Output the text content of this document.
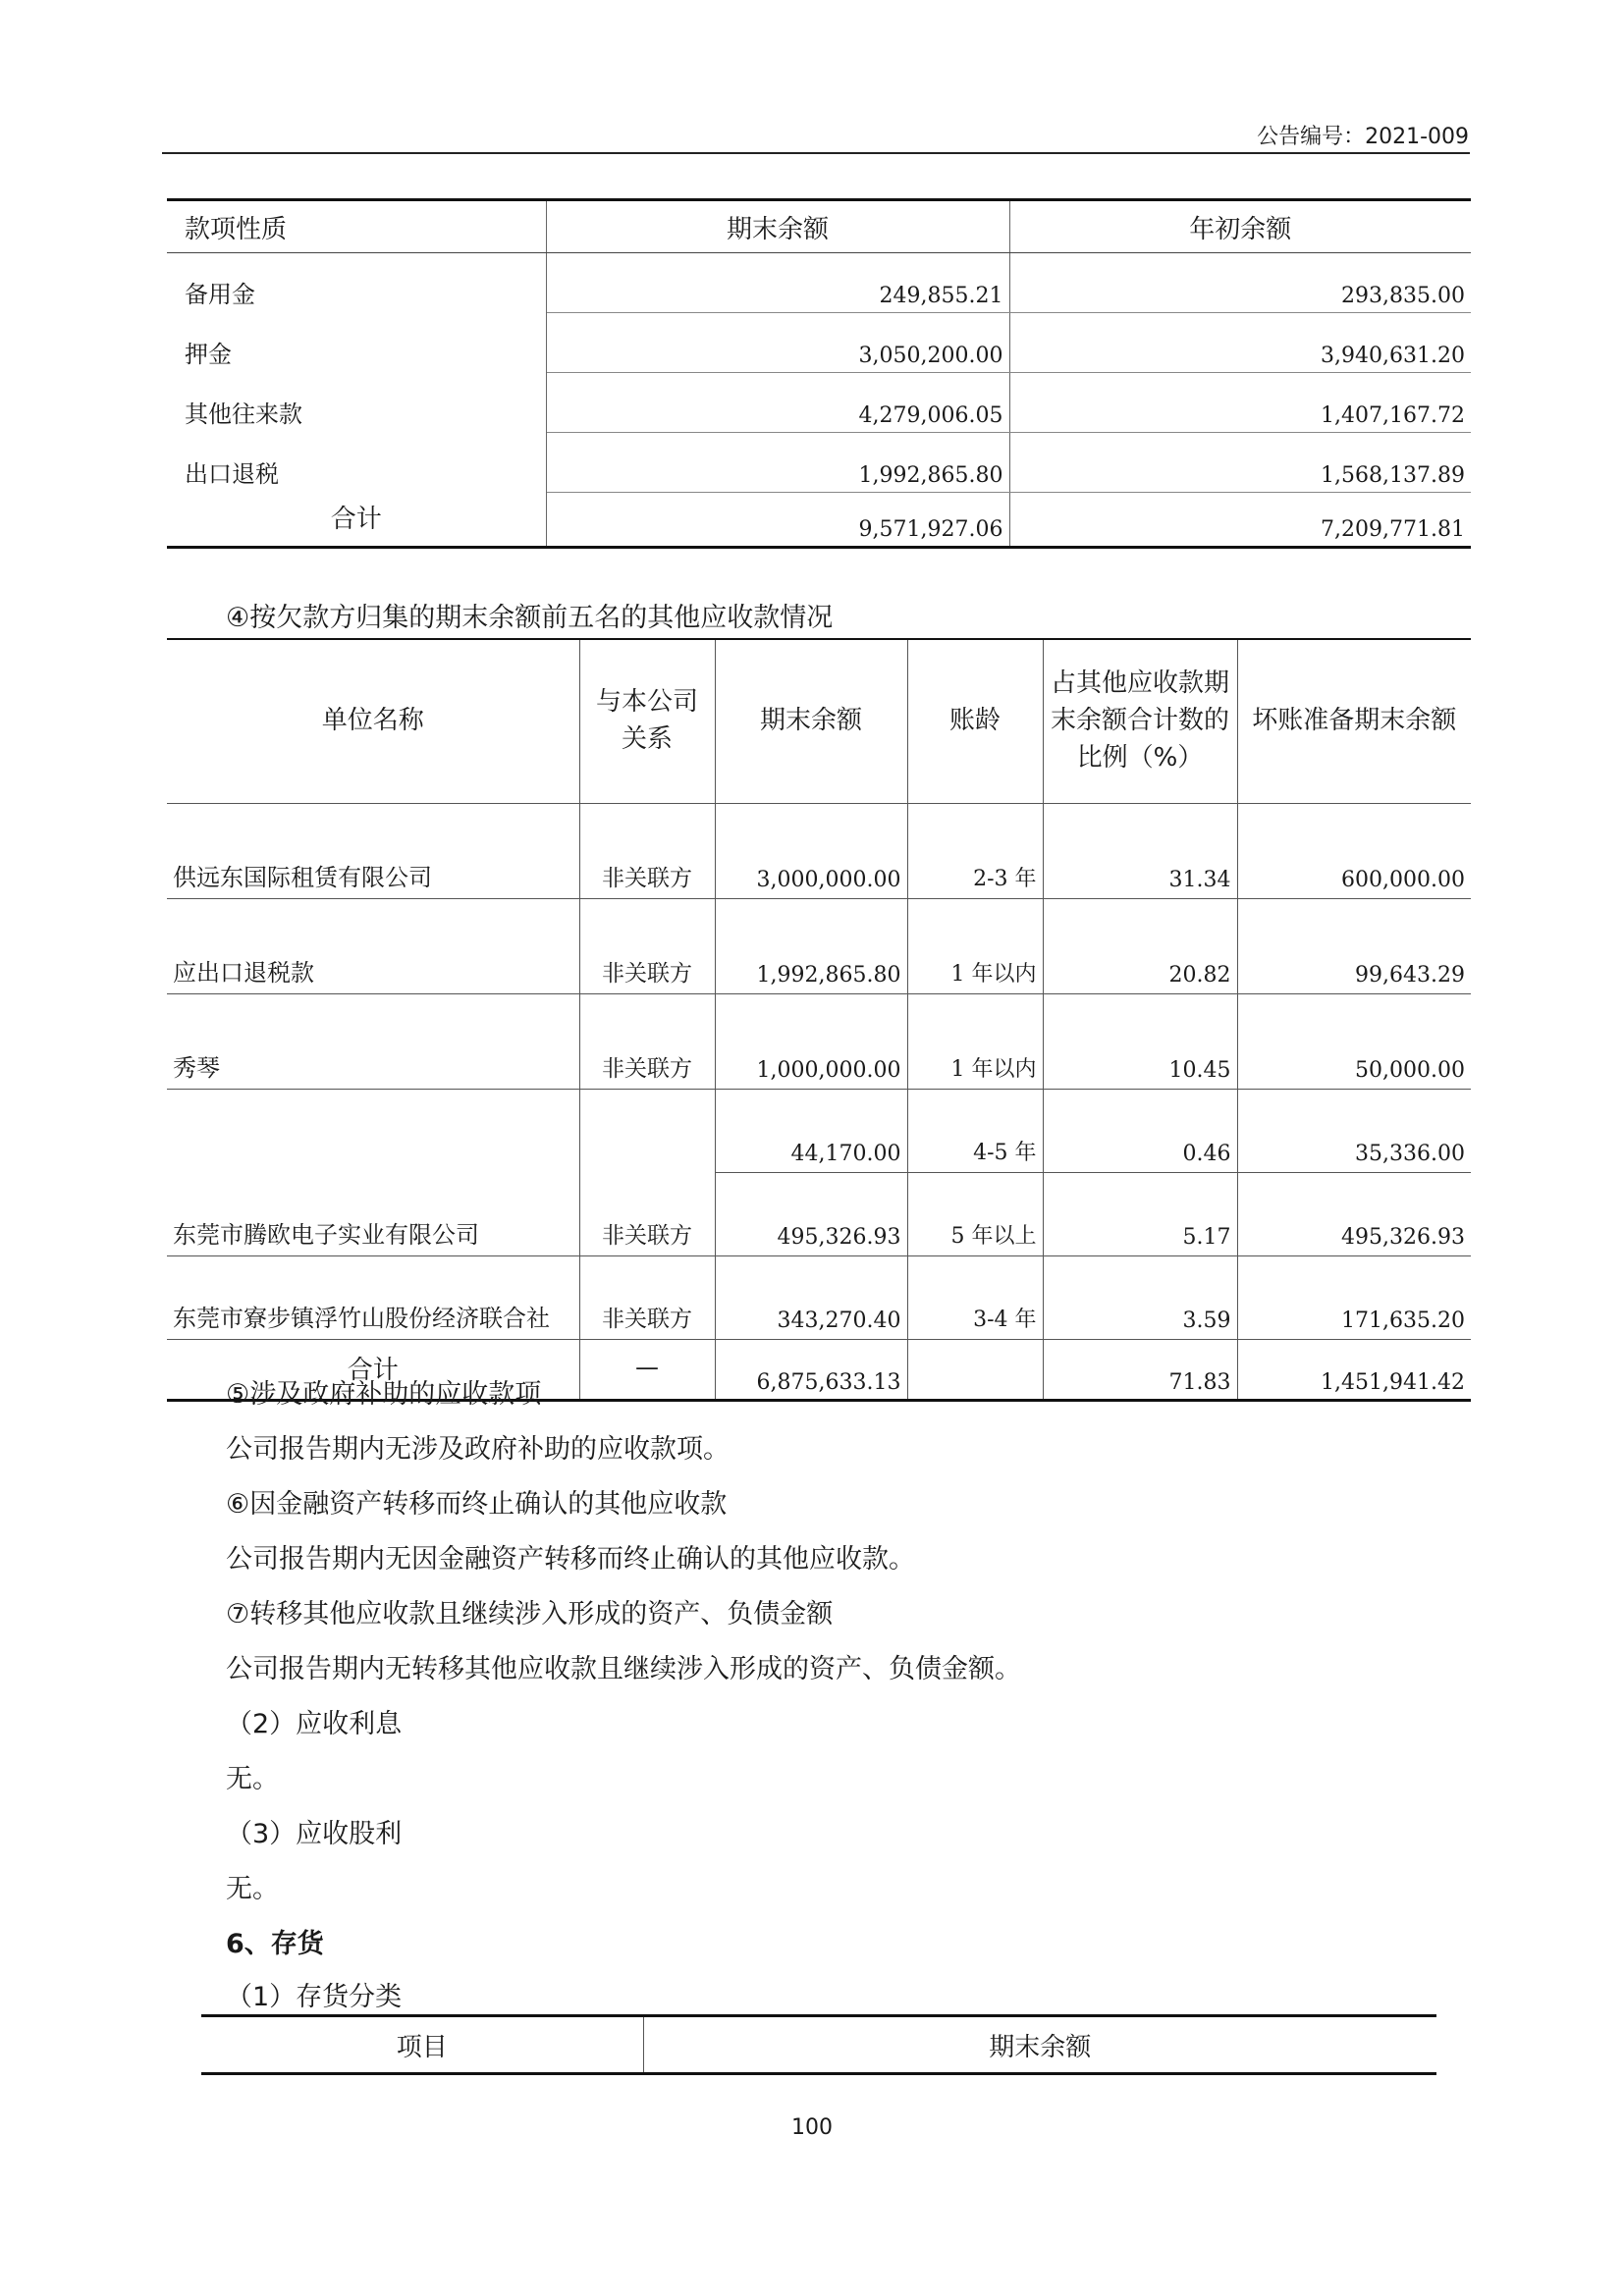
公告编号：2021-009
款项性质	期末余额	年初余额
备用金	249,855.21	293,835.00
押金	3,050,200.00	3,940,631.20
其他往来款	4,279,006.05	1,407,167.72
出口退税	1,992,865.80	1,568,137.89
合计	9,571,927.06	7,209,771.81
④按欠款方归集的期末余额前五名的其他应收款情况
单位名称	与本公司关系	期末余额	账龄	占其他应收款期末余额合计数的比例（%）	坏账准备期末余额
供远东国际租赁有限公司	非关联方	3,000,000.00	2-3 年	31.34	600,000.00
应出口退税款	非关联方	1,992,865.80	1 年以内	20.82	99,643.29
秀琴	非关联方	1,000,000.00	1 年以内	10.45	50,000.00
东莞市腾欧电子实业有限公司	非关联方	44,170.00	4-5 年	0.46	35,336.00
		495,326.93	5 年以上	5.17	495,326.93
东莞市寮步镇浮竹山股份经济联合社	非关联方	343,270.40	3-4 年	3.59	171,635.20
合计	—	6,875,633.13		71.83	1,451,941.42
⑤涉及政府补助的应收款项
公司报告期内无涉及政府补助的应收款项。
⑥因金融资产转移而终止确认的其他应收款
公司报告期内无因金融资产转移而终止确认的其他应收款。
⑦转移其他应收款且继续涉入形成的资产、负债金额
公司报告期内无转移其他应收款且继续涉入形成的资产、负债金额。
（2）应收利息
无。
（3）应收股利
无。
6、存货
（1）存货分类
项目	期末余额
100
